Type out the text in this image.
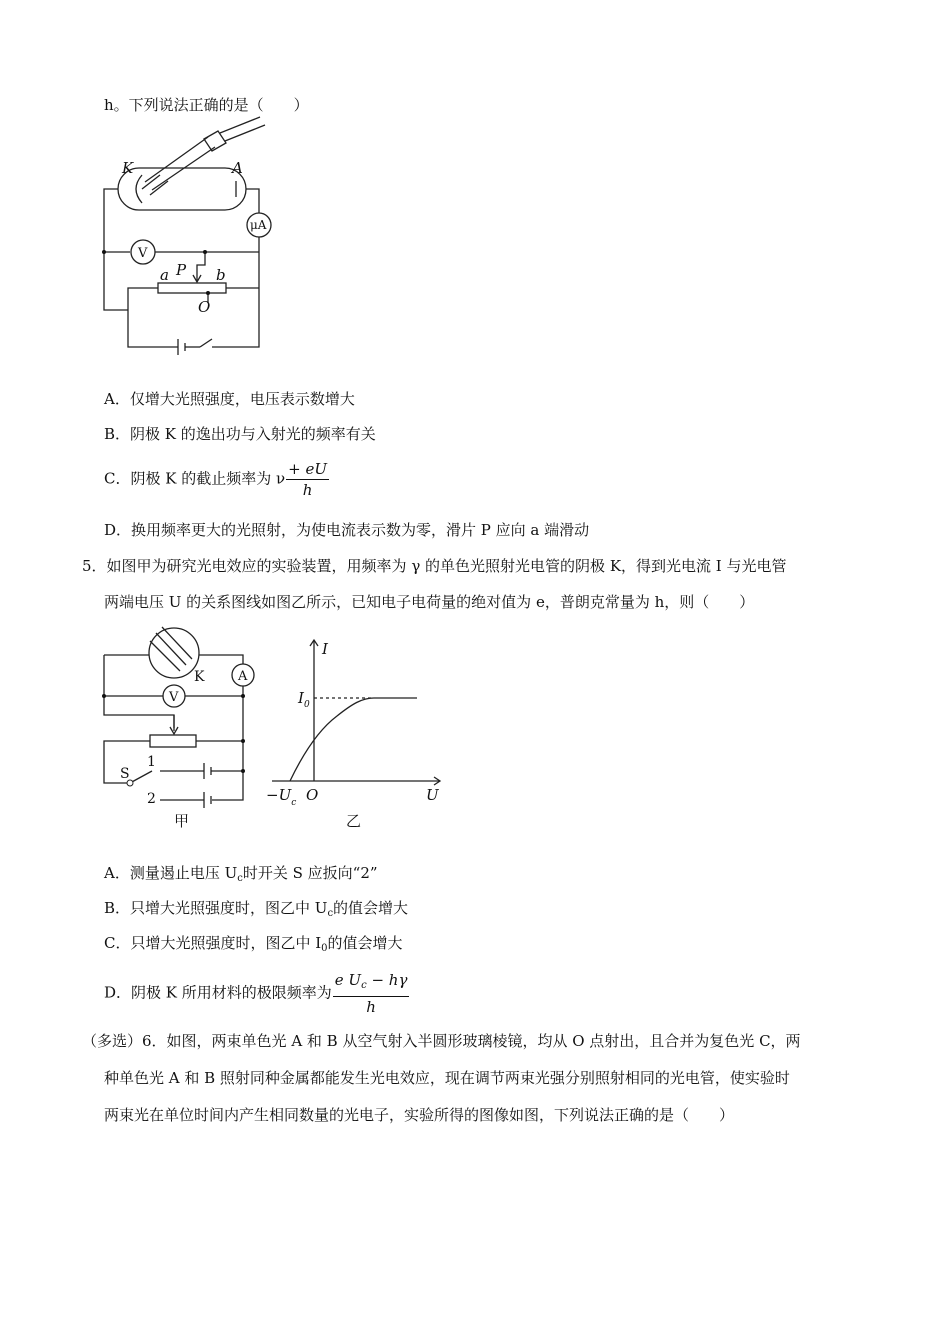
h。下列说法正确的是（　　）
K	A
μA
V
P
a	b
O
A．仅增大光照强度，电压表示数增大
B．阴极 K 的逸出功与入射光的频率有关
C．阴极 K 的截止频率为 ν $\frac{+ eU}{h}$
D．换用频率更大的光照射，为使电流表示数为零，滑片 P 应向 a 端滑动
5．如图甲为研究光电效应的实验装置，用频率为 γ 的单色光照射光电管的阴极 K，得到光电流 I 与光电管
两端电压 U 的关系图线如图乙所示，已知电子电荷量的绝对值为 e，普朗克常量为 h，则（　　）
K	A
V
S
1
2
甲
I
$I_0$
$-U_c$ O	U
乙
A．测量遏止电压 $U_c$时开关 S 应扳向“2”
B．只增大光照强度时，图乙中 $U_c$的值会增大
C．只增大光照强度时，图乙中 $I_0$的值会增大
D．阴极 K 所用材料的极限频率为 $\frac{e U_c - h\gamma}{h}$
（多选）6．如图，两束单色光 A 和 B 从空气射入半圆形玻璃棱镜，均从 O 点射出，且合并为复色光 C，两
种单色光 A 和 B 照射同种金属都能发生光电效应，现在调节两束光强分别照射相同的光电管，使实验时
两束光在单位时间内产生相同数量的光电子，实验所得的图像如图，下列说法正确的是（　　）
